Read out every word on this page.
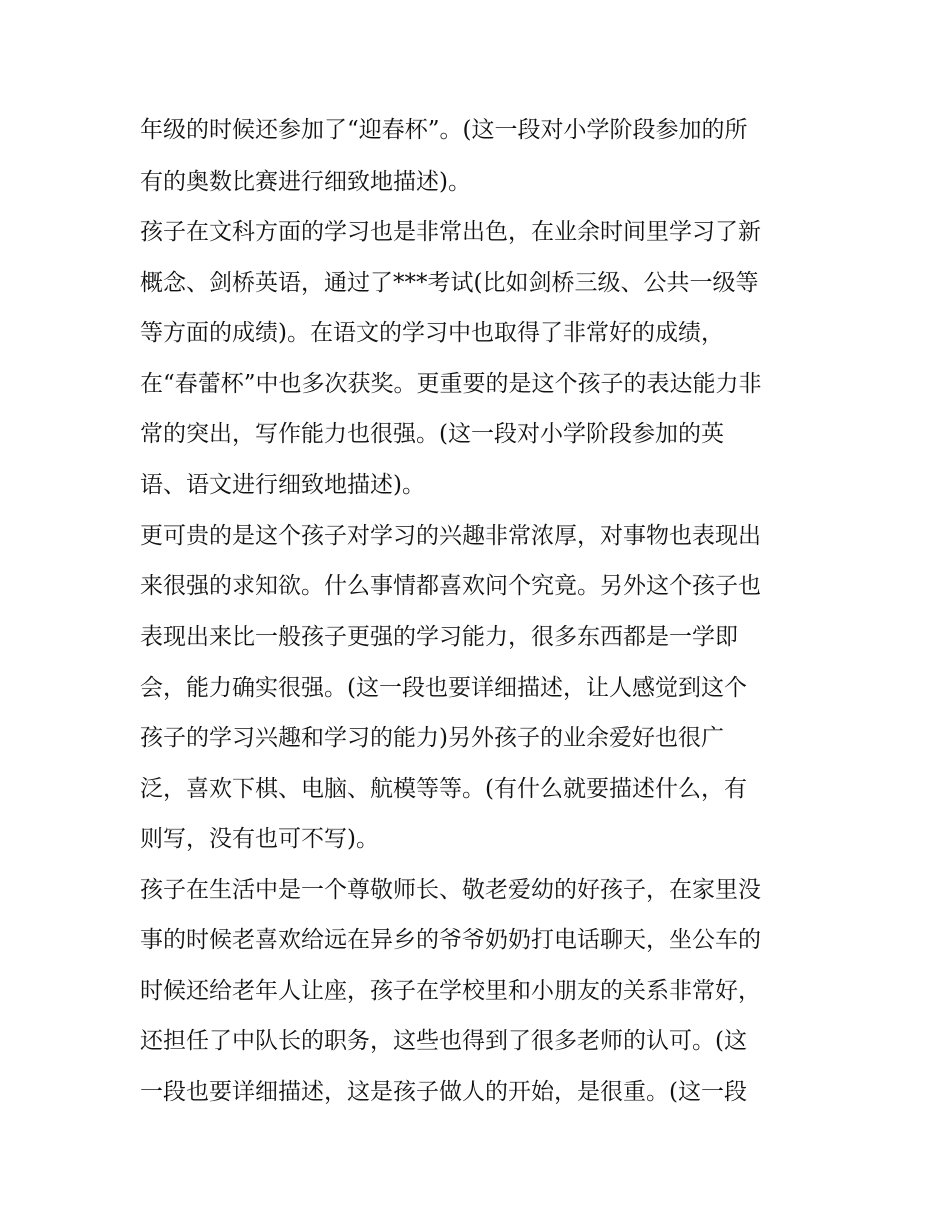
年级的时候还参加了“迎春杯”。(这一段对小学阶段参加的所
有的奥数比赛进行细致地描述)。
孩子在文科方面的学习也是非常出色，在业余时间里学习了新
概念、剑桥英语，通过了***考试(比如剑桥三级、公共一级等
等方面的成绩)。在语文的学习中也取得了非常好的成绩，
在“春蕾杯”中也多次获奖。更重要的是这个孩子的表达能力非
常的突出，写作能力也很强。(这一段对小学阶段参加的英
语、语文进行细致地描述)。
更可贵的是这个孩子对学习的兴趣非常浓厚，对事物也表现出
来很强的求知欲。什么事情都喜欢问个究竟。另外这个孩子也
表现出来比一般孩子更强的学习能力，很多东西都是一学即
会，能力确实很强。(这一段也要详细描述，让人感觉到这个
孩子的学习兴趣和学习的能力)另外孩子的业余爱好也很广
泛，喜欢下棋、电脑、航模等等。(有什么就要描述什么，有
则写，没有也可不写)。
孩子在生活中是一个尊敬师长、敬老爱幼的好孩子，在家里没
事的时候老喜欢给远在异乡的爷爷奶奶打电话聊天，坐公车的
时候还给老年人让座，孩子在学校里和小朋友的关系非常好，
还担任了中队长的职务，这些也得到了很多老师的认可。(这
一段也要详细描述，这是孩子做人的开始，是很重。(这一段
